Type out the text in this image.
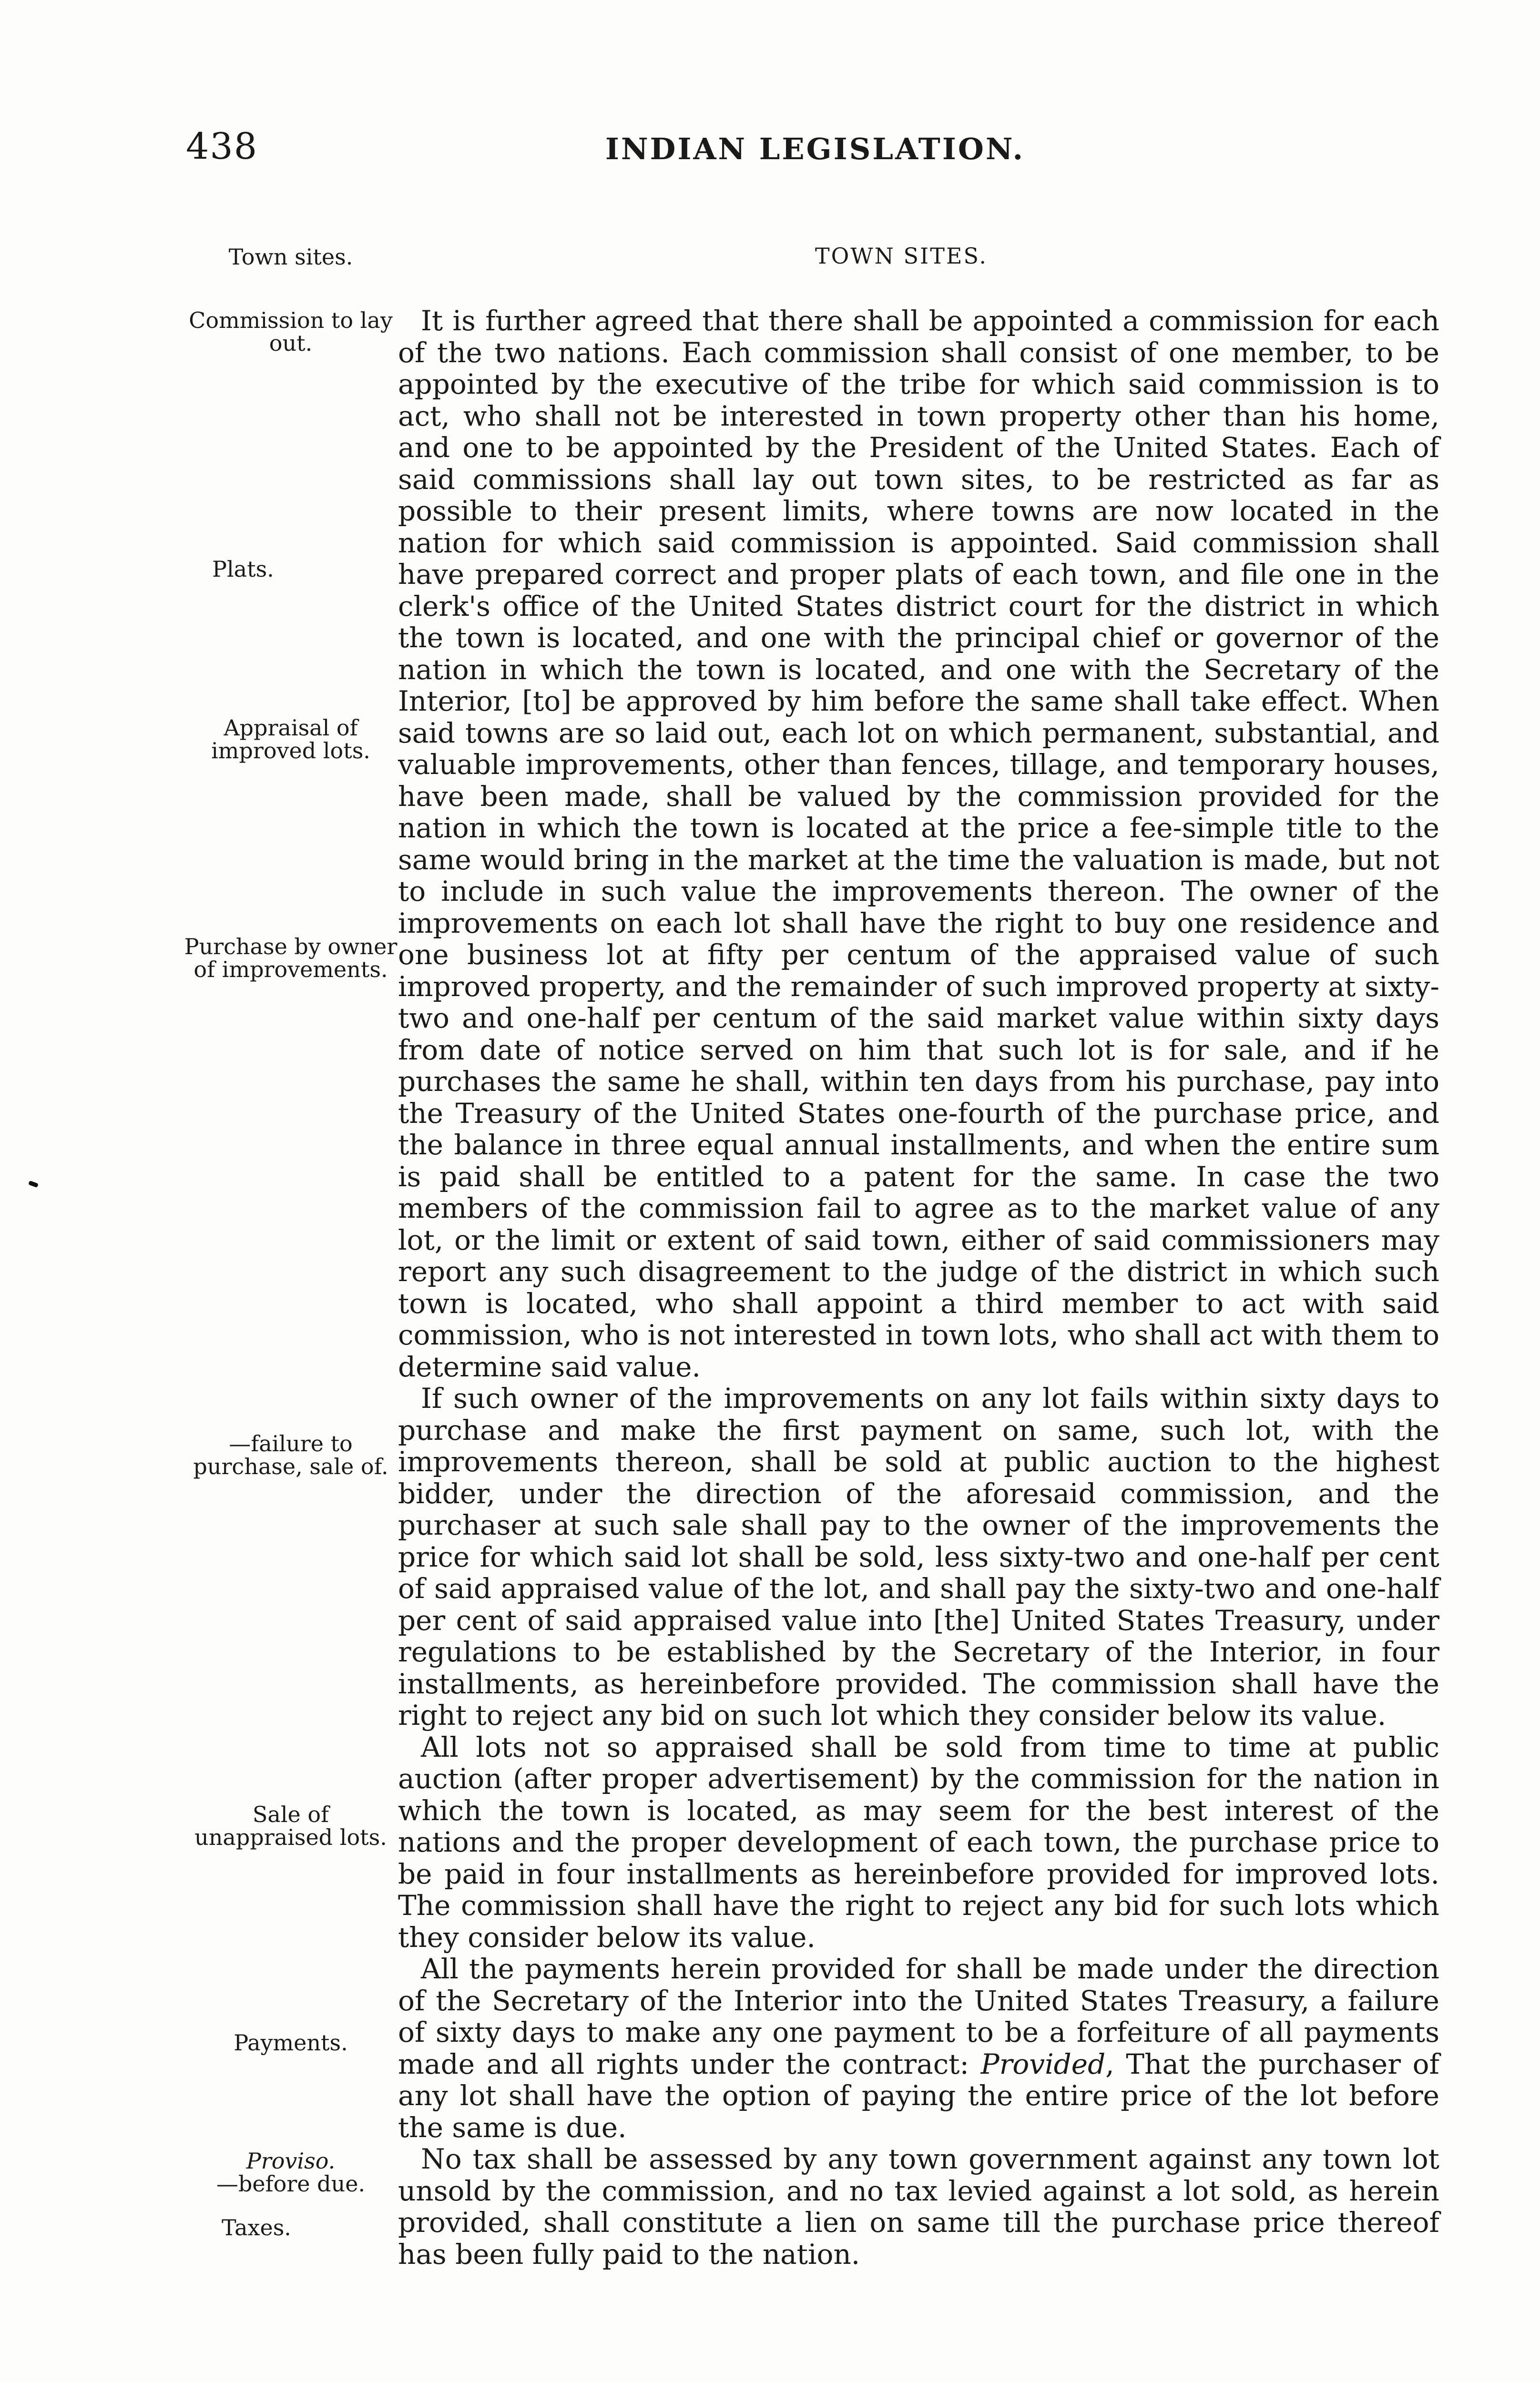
438	INDIAN LEGISLATION.
Town sites.
Commission to lay out.
Plats.
Appraisal of improved lots.
Purchase by owner of improvements.
—failure to purchase, sale of.
Sale of unappraised lots.
Payments.
Proviso.
—before due.
Taxes.
TOWN SITES.

It is further agreed that there shall be appointed a commission for each of the two nations. Each commission shall consist of one member, to be appointed by the executive of the tribe for which said commission is to act, who shall not be interested in town property other than his home, and one to be appointed by the President of the United States. Each of said commissions shall lay out town sites, to be restricted as far as possible to their present limits, where towns are now located in the nation for which said commission is appointed. Said commission shall have prepared correct and proper plats of each town, and file one in the clerk's office of the United States district court for the district in which the town is located, and one with the principal chief or governor of the nation in which the town is located, and one with the Secretary of the Interior, [to] be approved by him before the same shall take effect. When said towns are so laid out, each lot on which permanent, substantial, and valuable improvements, other than fences, tillage, and temporary houses, have been made, shall be valued by the commission provided for the nation in which the town is located at the price a fee-simple title to the same would bring in the market at the time the valuation is made, but not to include in such value the improvements thereon. The owner of the improvements on each lot shall have the right to buy one residence and one business lot at fifty per centum of the appraised value of such improved property, and the remainder of such improved property at sixty-two and one-half per centum of the said market value within sixty days from date of notice served on him that such lot is for sale, and if he purchases the same he shall, within ten days from his purchase, pay into the Treasury of the United States one-fourth of the purchase price, and the balance in three equal annual installments, and when the entire sum is paid shall be entitled to a patent for the same. In case the two members of the commission fail to agree as to the market value of any lot, or the limit or extent of said town, either of said commissioners may report any such disagreement to the judge of the district in which such town is located, who shall appoint a third member to act with said commission, who is not interested in town lots, who shall act with them to determine said value.

If such owner of the improvements on any lot fails within sixty days to purchase and make the first payment on same, such lot, with the improvements thereon, shall be sold at public auction to the highest bidder, under the direction of the aforesaid commission, and the purchaser at such sale shall pay to the owner of the improvements the price for which said lot shall be sold, less sixty-two and one-half per cent of said appraised value of the lot, and shall pay the sixty-two and one-half per cent of said appraised value into [the] United States Treasury, under regulations to be established by the Secretary of the Interior, in four installments, as hereinbefore provided. The commission shall have the right to reject any bid on such lot which they consider below its value.

All lots not so appraised shall be sold from time to time at public auction (after proper advertisement) by the commission for the nation in which the town is located, as may seem for the best interest of the nations and the proper development of each town, the purchase price to be paid in four installments as hereinbefore provided for improved lots. The commission shall have the right to reject any bid for such lots which they consider below its value.

All the payments herein provided for shall be made under the direction of the Secretary of the Interior into the United States Treasury, a failure of sixty days to make any one payment to be a forfeiture of all payments made and all rights under the contract: Provided, That the purchaser of any lot shall have the option of paying the entire price of the lot before the same is due.

No tax shall be assessed by any town government against any town lot unsold by the commission, and no tax levied against a lot sold, as herein provided, shall constitute a lien on same till the purchase price thereof has been fully paid to the nation.
